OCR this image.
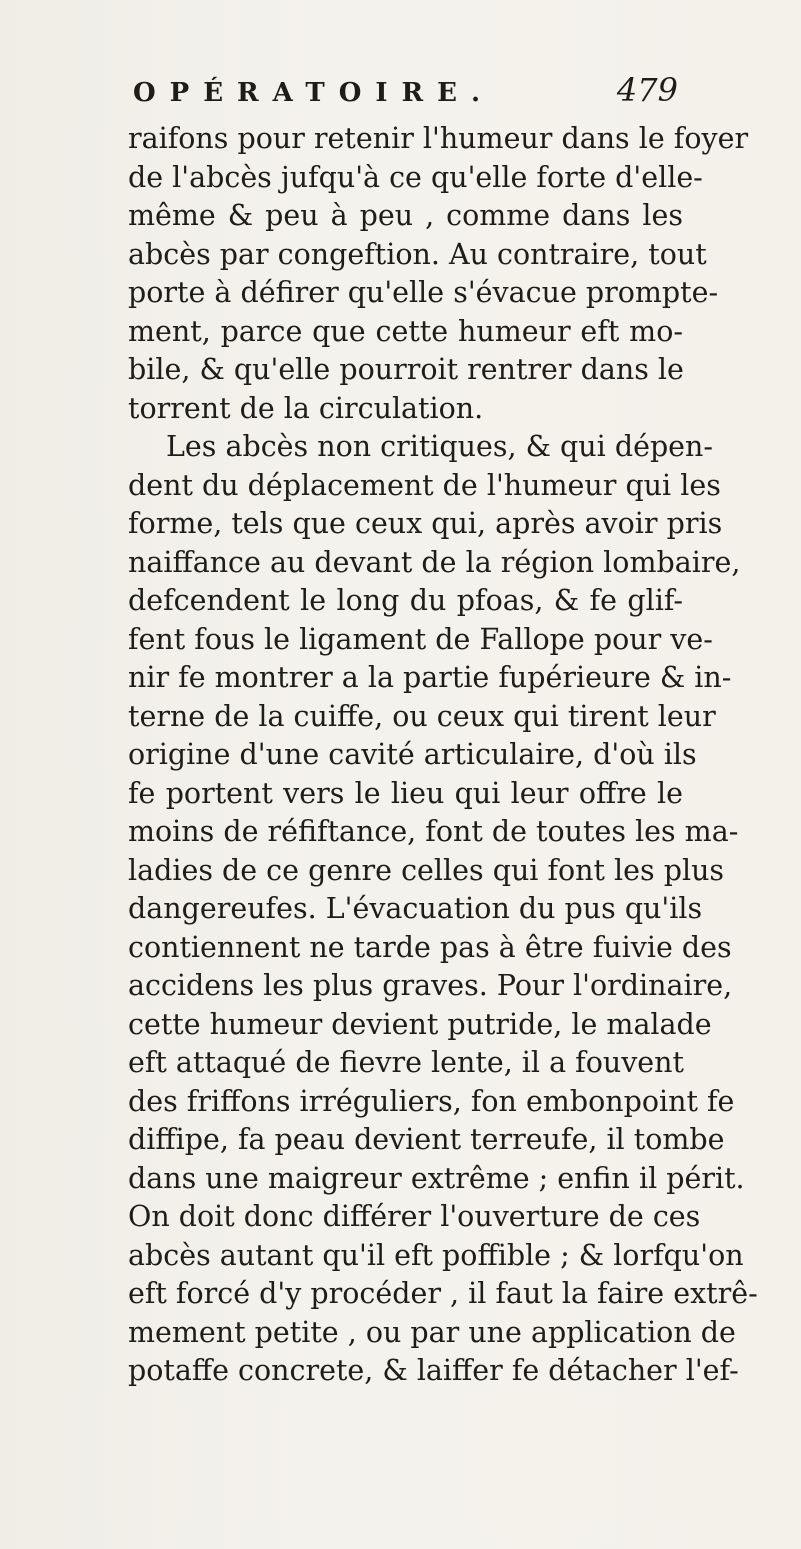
OPÉRATOIRE.	479
raifons pour retenir l'humeur dans le foyer
de l'abcès jufqu'à ce qu'elle forte d'elle-
même & peu à peu , comme dans les
abcès par congeftion. Au contraire, tout
porte à défirer qu'elle s'évacue prompte-
ment, parce que cette humeur eft mo-
bile, & qu'elle pourroit rentrer dans le
torrent de la circulation.
Les abcès non critiques, & qui dépen-
dent du déplacement de l'humeur qui les
forme, tels que ceux qui, après avoir pris
naiffance au devant de la région lombaire,
defcendent le long du pfoas, & fe glif-
fent fous le ligament de Fallope pour ve-
nir fe montrer a la partie fupérieure & in-
terne de la cuiffe, ou ceux qui tirent leur
origine d'une cavité articulaire, d'où ils
fe portent vers le lieu qui leur offre le
moins de réfiftance, font de toutes les ma-
ladies de ce genre celles qui font les plus
dangereufes. L'évacuation du pus qu'ils
contiennent ne tarde pas à être fuivie des
accidens les plus graves. Pour l'ordinaire,
cette humeur devient putride, le malade
eft attaqué de fievre lente, il a fouvent
des friffons irréguliers, fon embonpoint fe
diffipe, fa peau devient terreufe, il tombe
dans une maigreur extrême ; enfin il périt.
On doit donc différer l'ouverture de ces
abcès autant qu'il eft poffible ; & lorfqu'on
eft forcé d'y procéder , il faut la faire extrê-
mement petite , ou par une application de
potaffe concrete, & laiffer fe détacher l'ef-
